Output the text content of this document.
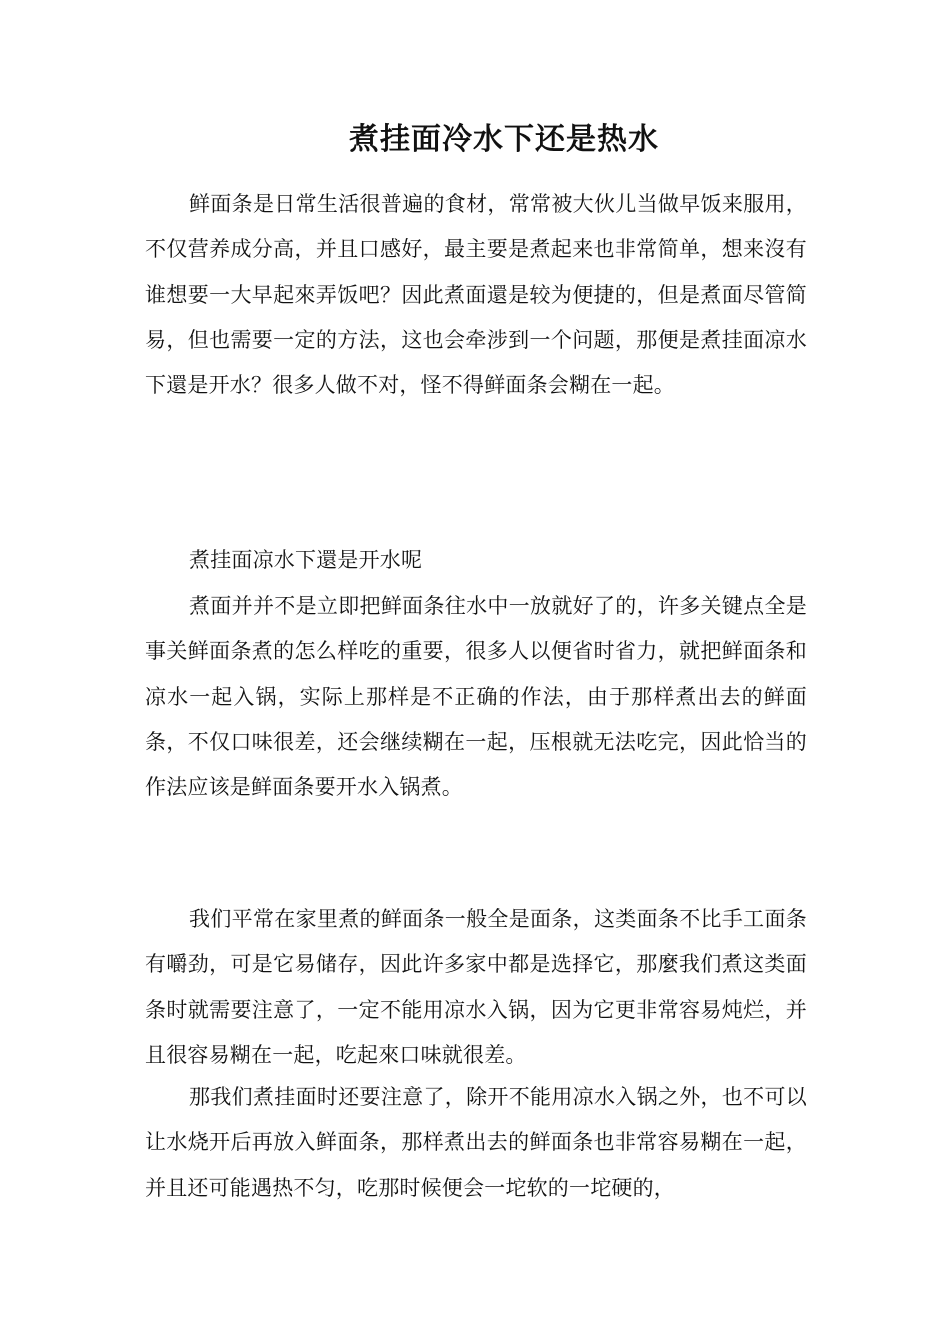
煮挂面冷水下还是热水

鲜面条是日常生活很普遍的食材，常常被大伙儿当做早饭来服用，不仅营养成分高，并且口感好，最主要是煮起来也非常简单，想来沒有谁想要一大早起來弄饭吧？因此煮面還是较为便捷的，但是煮面尽管简易，但也需要一定的方法，这也会牵涉到一个问题，那便是煮挂面凉水下還是开水？很多人做不对，怪不得鲜面条会糊在一起。

煮挂面凉水下還是开水呢

煮面并并不是立即把鲜面条往水中一放就好了的，许多关键点全是事关鲜面条煮的怎么样吃的重要，很多人以便省时省力，就把鲜面条和凉水一起入锅，实际上那样是不正确的作法，由于那样煮出去的鲜面条，不仅口味很差，还会继续糊在一起，压根就无法吃完，因此恰当的作法应该是鲜面条要开水入锅煮。

我们平常在家里煮的鲜面条一般全是面条，这类面条不比手工面条有嚼劲，可是它易储存，因此许多家中都是选择它，那麼我们煮这类面条时就需要注意了，一定不能用凉水入锅，因为它更非常容易炖烂，并且很容易糊在一起，吃起來口味就很差。

那我们煮挂面时还要注意了，除开不能用凉水入锅之外，也不可以让水烧开后再放入鲜面条，那样煮出去的鲜面条也非常容易糊在一起，并且还可能遇热不匀，吃那时候便会一坨软的一坨硬的，
